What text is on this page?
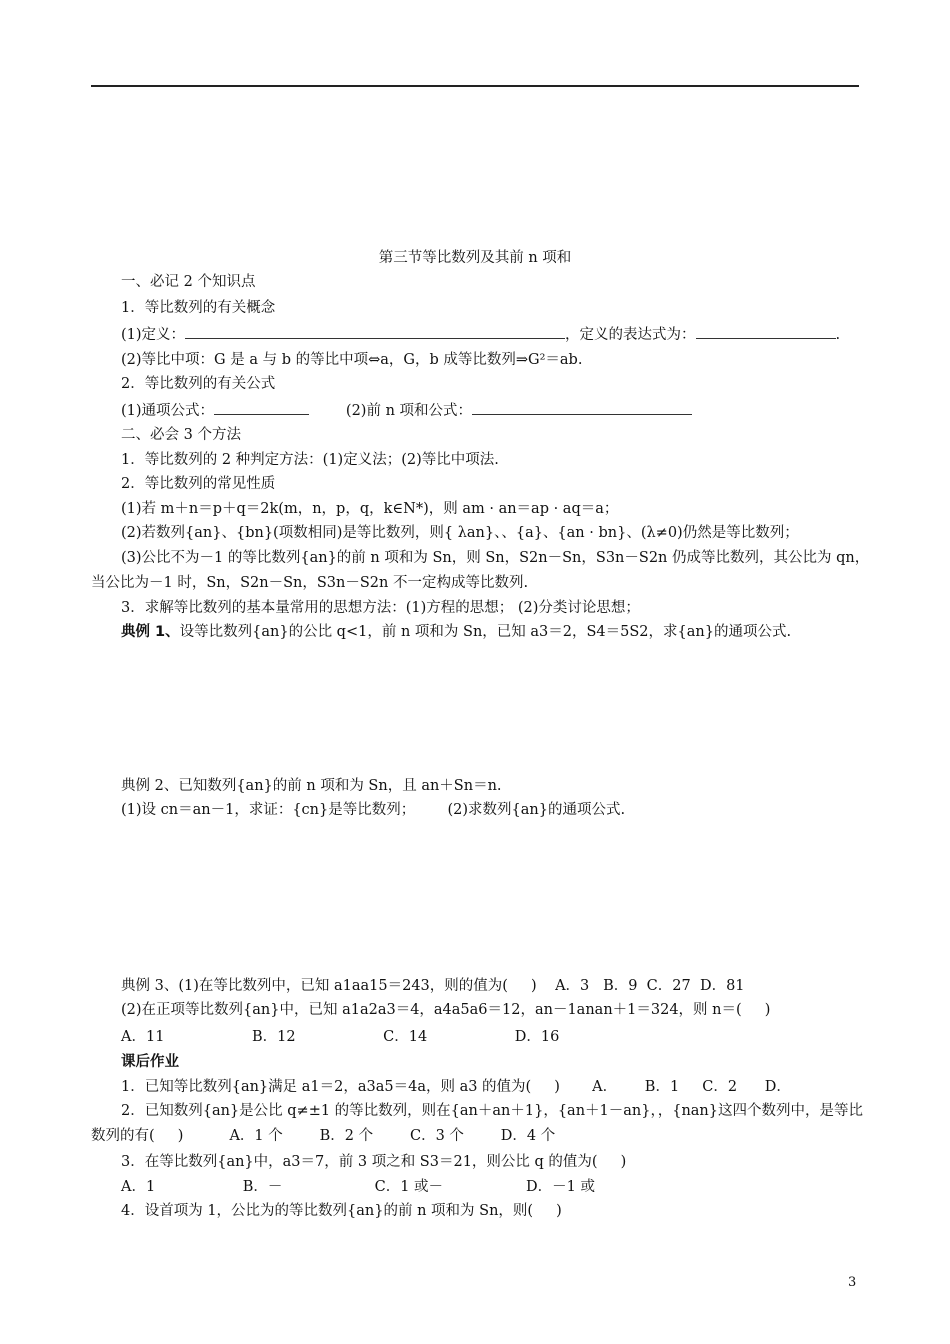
第三节等比数列及其前 n 项和
一、必记 2 个知识点
1．等比数列的有关概念
(1)定义：	，定义的表达式为：	.
(2)等比中项：G 是 a 与 b 的等比中项⇔a，G，b 成等比数列⇒G²＝ab.
2．等比数列的有关公式
(1)通项公式：	(2)前 n 项和公式：
二、必会 3 个方法
1．等比数列的 2 种判定方法：(1)定义法；(2)等比中项法.
2．等比数列的常见性质
(1)若 m＋n＝p＋q＝2k(m，n，p，q，k∈N*)，则 am · an＝ap · aq＝a；
(2)若数列{an}、{bn}(项数相同)是等比数列，则{ λan}、、{a}、{an · bn}、(λ≠0)仍然是等比数列；
(3)公比不为－1 的等比数列{an}的前 n 项和为 Sn，则 Sn，S2n－Sn，S3n－S2n 仍成等比数列，其公比为 qn，
当公比为－1 时，Sn，S2n－Sn，S3n－S2n 不一定构成等比数列.
3．求解等比数列的基本量常用的思想方法：(1)方程的思想； (2)分类讨论思想；
典例 1、设等比数列{an}的公比 q<1，前 n 项和为 Sn，已知 a3＝2，S4＝5S2，求{an}的通项公式.
典例 2、已知数列{an}的前 n 项和为 Sn，且 an＋Sn＝n.
(1)设 cn＝an－1，求证：{cn}是等比数列；       (2)求数列{an}的通项公式.
典例 3、(1)在等比数列中，已知 a1aa15＝243，则的值为(     )    A．3   B．9  C．27  D．81
(2)在正项等比数列{an}中，已知 a1a2a3＝4，a4a5a6＝12，an－1anan＋1＝324，则 n＝(     )
A．11                   B．12                   C．14                   D．16
课后作业
1．已知等比数列{an}满足 a1＝2，a3a5＝4a，则 a3 的值为(     )       A．      B．1     C．2      D．
2．已知数列{an}是公比 q≠±1 的等比数列，则在{an＋an＋1}，{an＋1－an}，，{nan}这四个数列中，是等比
数列的有(     )          A．1 个        B．2 个        C．3 个        D．4 个
3．在等比数列{an}中，a3＝7，前 3 项之和 S3＝21，则公比 q 的值为(     )
A．1                   B．－                    C．1 或－                  D．－1 或
4．设首项为 1，公比为的等比数列{an}的前 n 项和为 Sn，则(     )
3
